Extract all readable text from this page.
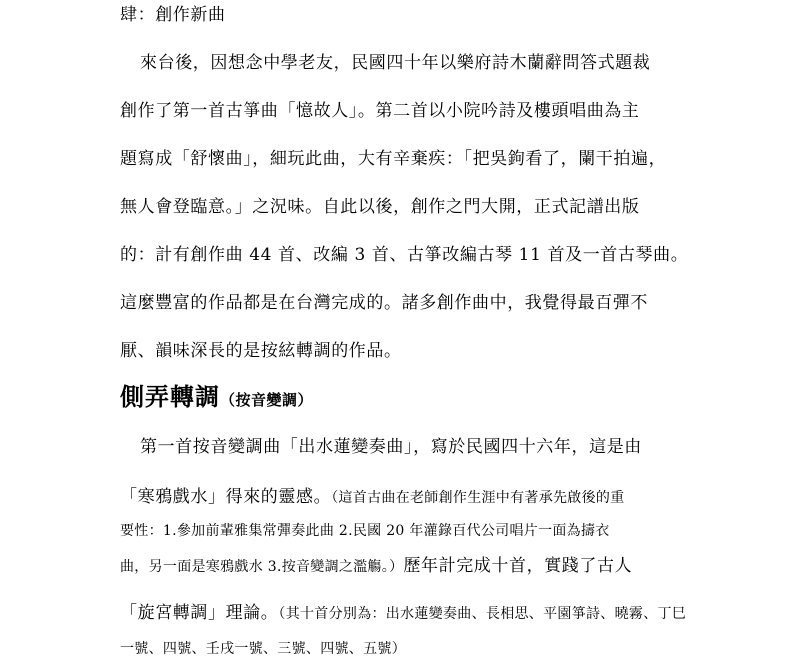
肆：創作新曲
來台後，因想念中學老友，民國四十年以樂府詩木蘭辭問答式題裁
創作了第一首古箏曲「憶故人」。第二首以小院吟詩及樓頭唱曲為主
題寫成「舒懷曲」，細玩此曲，大有辛棄疾：「把吳鉤看了，闌干拍遍，
無人會登臨意。」之況味。自此以後，創作之門大開，正式記譜出版
的：計有創作曲 44 首、改編 3 首、古箏改編古琴 11 首及一首古琴曲。
這麼豐富的作品都是在台灣完成的。諸多創作曲中，我覺得最百彈不
厭、韻味深長的是按絃轉調的作品。
側弄轉調（按音變調）
第一首按音變調曲「出水蓮變奏曲」，寫於民國四十六年，這是由
「寒鴉戲水」得來的靈感。（這首古曲在老師創作生涯中有著承先啟後的重
要性：1.參加前輩雅集常彈奏此曲 2.民國 20 年灌錄百代公司唱片一面為擣衣
曲，另一面是寒鴉戲水 3.按音變調之濫觴。）歷年計完成十首，實踐了古人
「旋宮轉調」理論。（其十首分別為：出水蓮變奏曲、長相思、平園箏詩、曉霧、丁巳
一號、四號、壬戌一號、三號、四號、五號）
